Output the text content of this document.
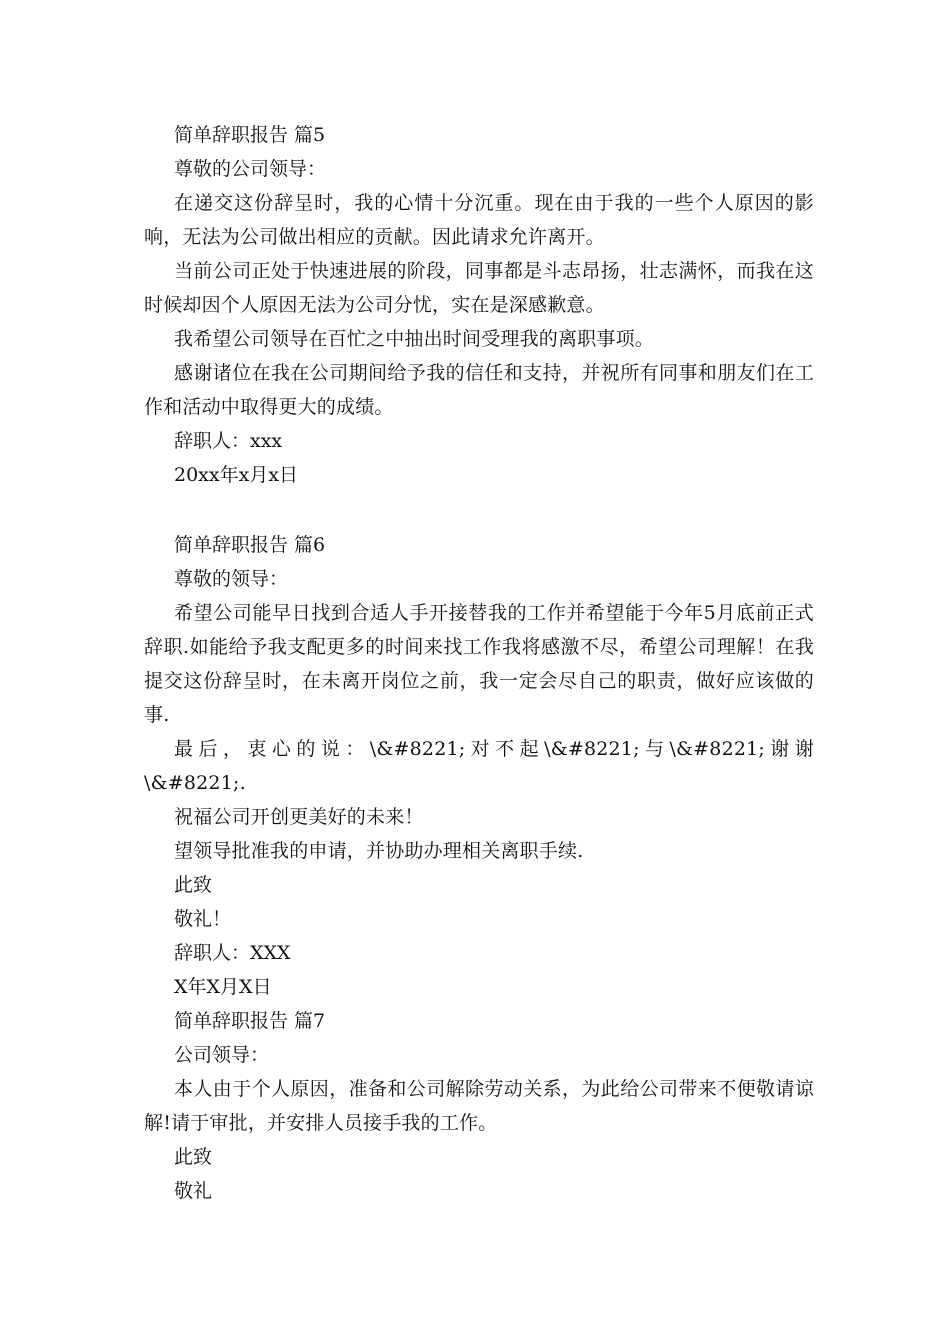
简单辞职报告 篇5
尊敬的公司领导：

在递交这份辞呈时，我的心情十分沉重。现在由于我的一些个人原因的影响，无法为公司做出相应的贡献。因此请求允许离开。

当前公司正处于快速进展的阶段，同事都是斗志昂扬，壮志满怀，而我在这时候却因个人原因无法为公司分忧，实在是深感歉意。

我希望公司领导在百忙之中抽出时间受理我的离职事项。

感谢诸位在我在公司期间给予我的信任和支持，并祝所有同事和朋友们在工作和活动中取得更大的成绩。

辞职人：xxx
20xx年x月x日
简单辞职报告 篇6
尊敬的领导：

希望公司能早日找到合适人手开接替我的工作并希望能于今年5月底前正式辞职.如能给予我支配更多的时间来找工作我将感激不尽，希望公司理解！在我提交这份辞呈时，在未离开岗位之前，我一定会尽自己的职责，做好应该做的事.

最后，衷心的说：\&#8221;对不起\&#8221;与\&#8221;谢谢\&#8221;.

祝福公司开创更美好的未来！

望领导批准我的申请，并协助办理相关离职手续.

此致
敬礼！
辞职人：XXX
X年X月X日
简单辞职报告 篇7
公司领导：

本人由于个人原因，准备和公司解除劳动关系，为此给公司带来不便敬请谅解!请于审批，并安排人员接手我的工作。

此致
敬礼
